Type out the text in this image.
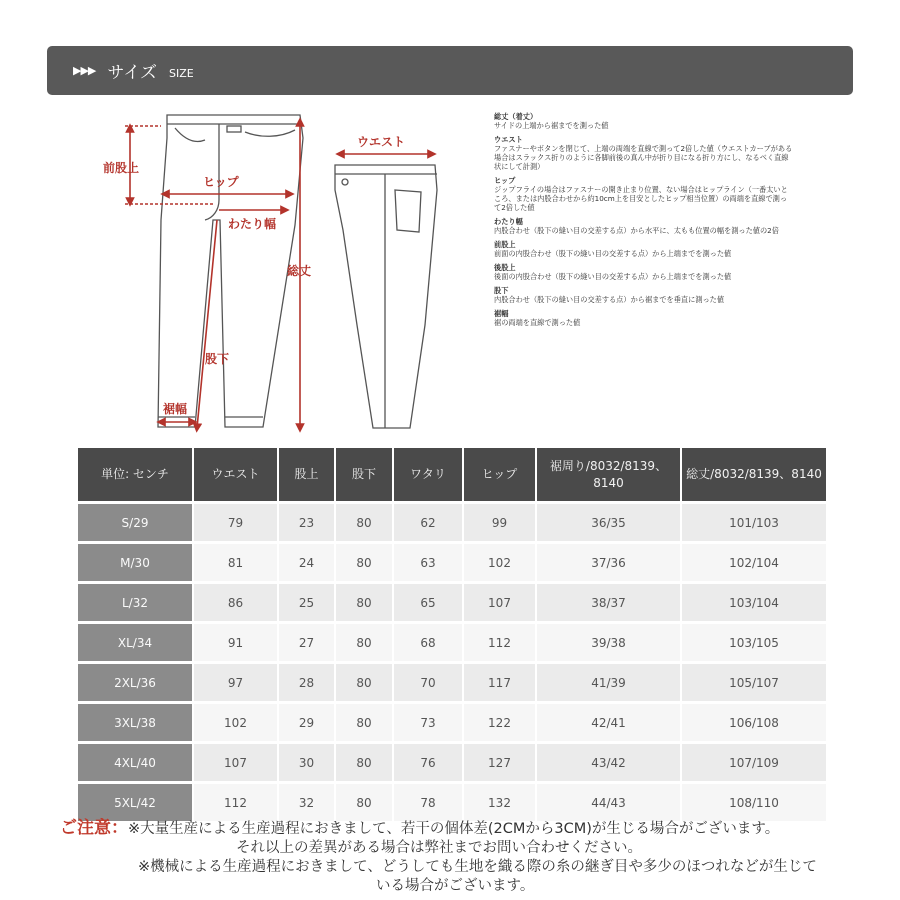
▶▶▶ サイズ SIZE
前股上
ヒップ
わたり幅
総丈
股下
裾幅
ウエスト
総丈（着丈）
サイドの上端から裾までを測った値
ウエスト
ファスナーやボタンを閉じて、上端の両端を直線で測って2倍した値（ウエストカーブがある場合はスラックス折りのように各脚前後の真ん中が折り目になる折り方にし、なるべく直線状にして計測）
ヒップ
ジップフライの場合はファスナーの開き止まり位置、ない場合はヒップライン（一番太いところ、または内股合わせから約10cm上を目安としたヒップ相当位置）の両端を直線で測って2倍した値
わたり幅
内股合わせ（股下の縫い目の交差する点）から水平に、太もも位置の幅を測った値の2倍
前股上
前面の内股合わせ（股下の縫い目の交差する点）から上端までを測った値
後股上
後面の内股合わせ（股下の縫い目の交差する点）から上端までを測った値
股下
内股合わせ（股下の縫い目の交差する点）から裾までを垂直に測った値
裾幅
裾の両端を直線で測った値
単位: センチ	ウエスト	股上	股下	ワタリ	ヒップ	裾周り/8032/8139、8140	総丈/8032/8139、8140
S/29	79	23	80	62	99	36/35	101/103
M/30	81	24	80	63	102	37/36	102/104
L/32	86	25	80	65	107	38/37	103/104
XL/34	91	27	80	68	112	39/38	103/105
2XL/36	97	28	80	70	117	41/39	105/107
3XL/38	102	29	80	73	122	42/41	106/108
4XL/40	107	30	80	76	127	43/42	107/109
5XL/42	112	32	80	78	132	44/43	108/110
ご注意：※大量生産による生産過程におきまして、若干の個体差(2CMから3CM)が生じる場合がございます。
それ以上の差異がある場合は弊社までお問い合わせください。
※機械による生産過程におきまして、どうしても生地を織る際の糸の継ぎ目や多少のほつれなどが生じて
いる場合がございます。
